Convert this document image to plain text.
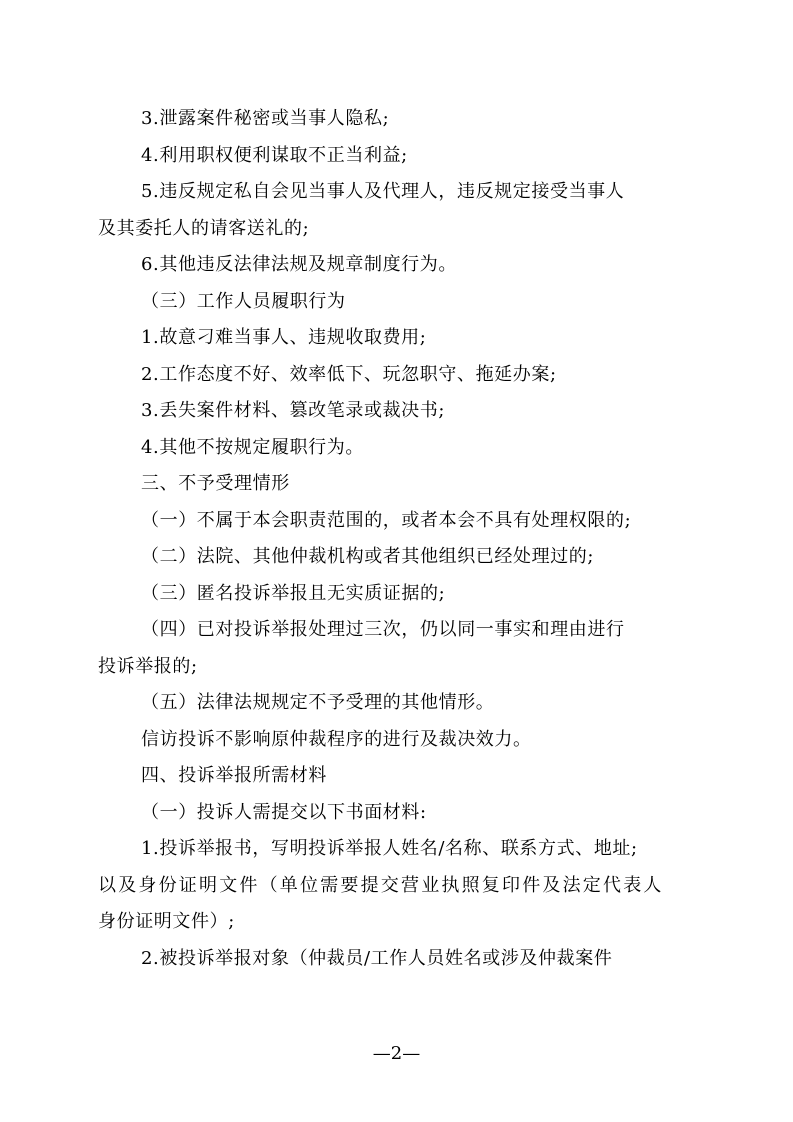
3.泄露案件秘密或当事人隐私;
4.利用职权便利谋取不正当利益;
5.违反规定私自会见当事人及代理人，违反规定接受当事人
及其委托人的请客送礼的;
6.其他违反法律法规及规章制度行为。
（三）工作人员履职行为
1.故意刁难当事人、违规收取费用;
2.工作态度不好、效率低下、玩忽职守、拖延办案;
3.丢失案件材料、篡改笔录或裁决书;
4.其他不按规定履职行为。
三、不予受理情形
（一）不属于本会职责范围的，或者本会不具有处理权限的;
（二）法院、其他仲裁机构或者其他组织已经处理过的;
（三）匿名投诉举报且无实质证据的;
（四）已对投诉举报处理过三次，仍以同一事实和理由进行
投诉举报的;
（五）法律法规规定不予受理的其他情形。
信访投诉不影响原仲裁程序的进行及裁决效力。
四、投诉举报所需材料
（一）投诉人需提交以下书面材料:
1.投诉举报书，写明投诉举报人姓名/名称、联系方式、地址;
以及身份证明文件（单位需要提交营业执照复印件及法定代表人
身份证明文件）;
2.被投诉举报对象（仲裁员/工作人员姓名或涉及仲裁案件
—2—
